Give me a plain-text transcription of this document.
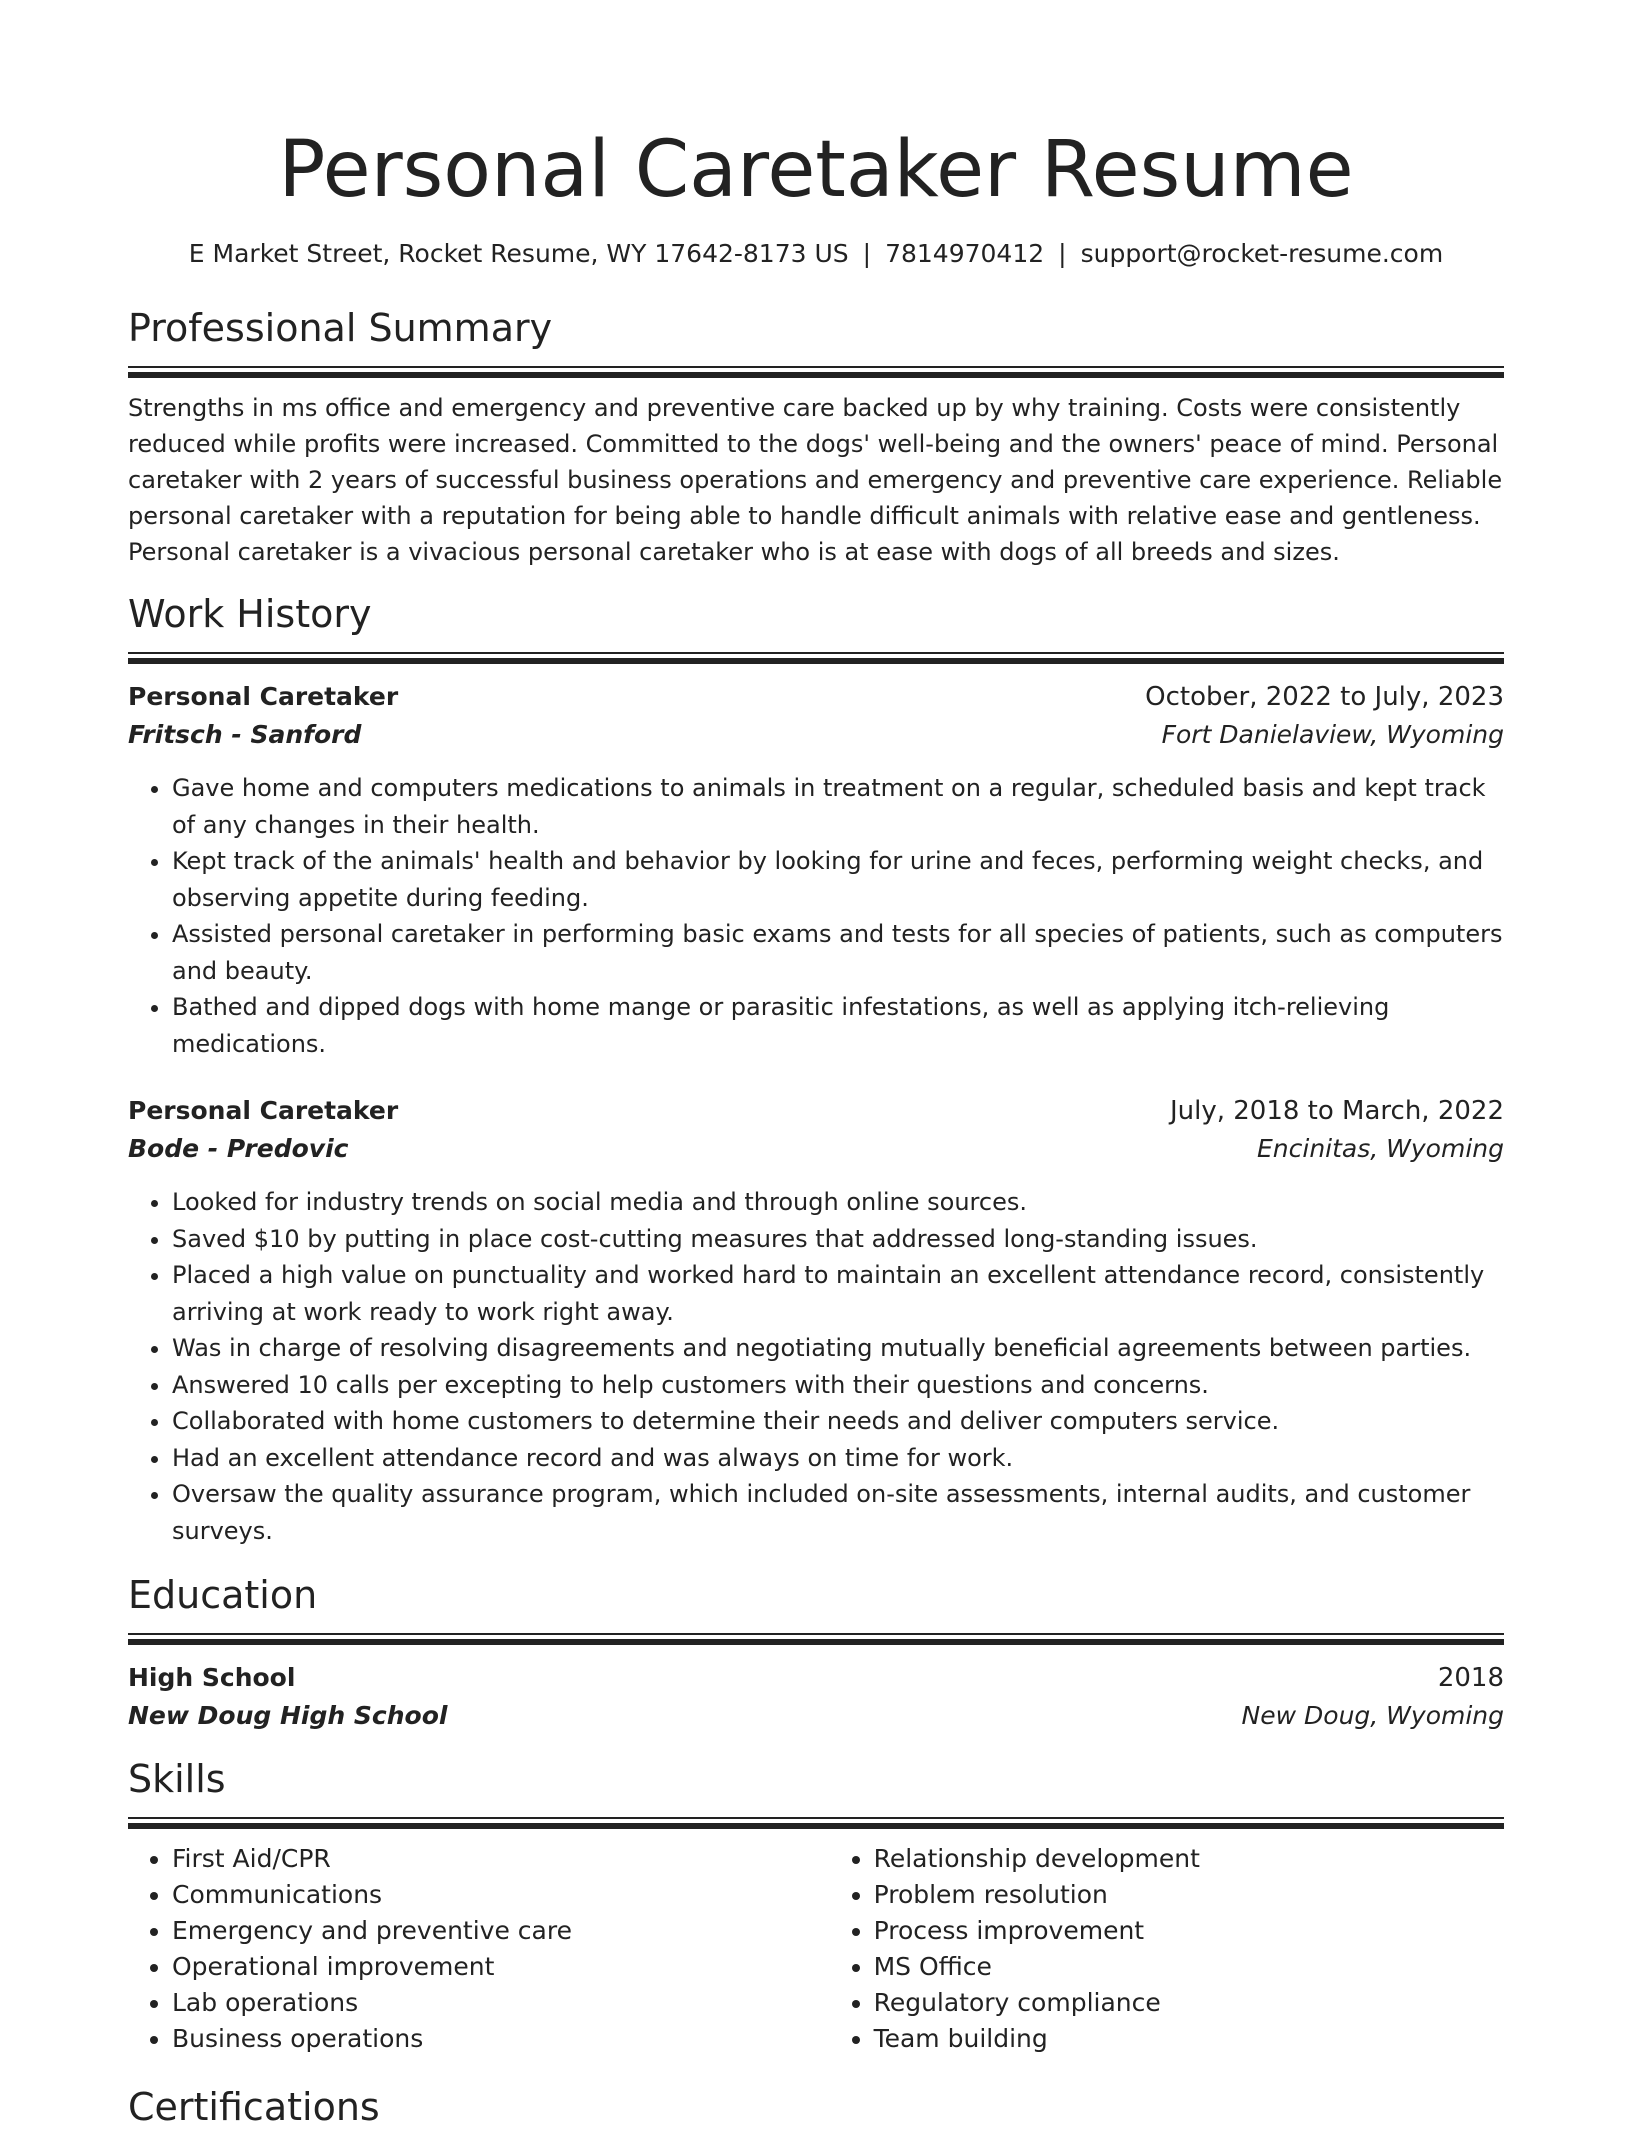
Personal Caretaker Resume
E Market Street, Rocket Resume, WY 17642-8173 US | 7814970412 | support@rocket-resume.com
Professional Summary

Strengths in ms office and emergency and preventive care backed up by why training. Costs were consistently reduced while profits were increased. Committed to the dogs' well-being and the owners' peace of mind. Personal caretaker with 2 years of successful business operations and emergency and preventive care experience. Reliable personal caretaker with a reputation for being able to handle difficult animals with relative ease and gentleness. Personal caretaker is a vivacious personal caretaker who is at ease with dogs of all breeds and sizes.

Work History
Personal Caretaker	October, 2022 to July, 2023
Fritsch - Sanford	Fort Danielaview, Wyoming
• Gave home and computers medications to animals in treatment on a regular, scheduled basis and kept track of any changes in their health.
• Kept track of the animals' health and behavior by looking for urine and feces, performing weight checks, and observing appetite during feeding.
• Assisted personal caretaker in performing basic exams and tests for all species of patients, such as computers and beauty.
• Bathed and dipped dogs with home mange or parasitic infestations, as well as applying itch-relieving medications.
Personal Caretaker	July, 2018 to March, 2022
Bode - Predovic	Encinitas, Wyoming
• Looked for industry trends on social media and through online sources.
• Saved $10 by putting in place cost-cutting measures that addressed long-standing issues.
• Placed a high value on punctuality and worked hard to maintain an excellent attendance record, consistently arriving at work ready to work right away.
• Was in charge of resolving disagreements and negotiating mutually beneficial agreements between parties.
• Answered 10 calls per excepting to help customers with their questions and concerns.
• Collaborated with home customers to determine their needs and deliver computers service.
• Had an excellent attendance record and was always on time for work.
• Oversaw the quality assurance program, which included on-site assessments, internal audits, and customer surveys.
Education
High School	2018
New Doug High School	New Doug, Wyoming
Skills
• First Aid/CPR
• Communications
• Emergency and preventive care
• Operational improvement
• Lab operations
• Business operations
• Relationship development
• Problem resolution
• Process improvement
• MS Office
• Regulatory compliance
• Team building
Certifications
